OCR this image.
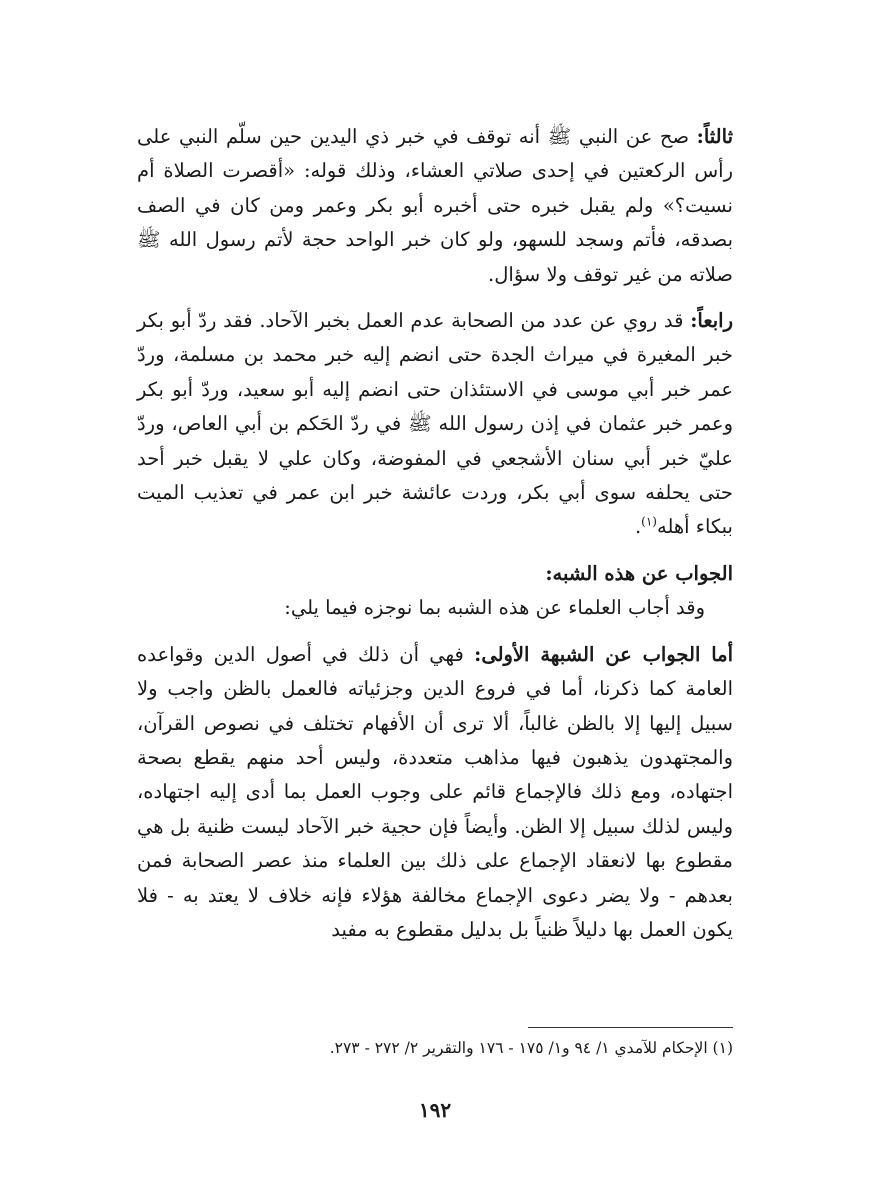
ثالثاً: صح عن النبي ﷺ أنه توقف في خبر ذي اليدين حين سلّم النبي على رأس الركعتين في إحدى صلاتي العشاء، وذلك قوله: «أقصرت الصلاة أم نسيت؟» ولم يقبل خبره حتى أخبره أبو بكر وعمر ومن كان في الصف بصدقه، فأتم وسجد للسهو، ولو كان خبر الواحد حجة لأتم رسول الله ﷺ صلاته من غير توقف ولا سؤال.

رابعاً: قد روي عن عدد من الصحابة عدم العمل بخبر الآحاد. فقد ردّ أبو بكر خبر المغيرة في ميراث الجدة حتى انضم إليه خبر محمد بن مسلمة، وردّ عمر خبر أبي موسى في الاستئذان حتى انضم إليه أبو سعيد، وردّ أبو بكر وعمر خبر عثمان في إذن رسول الله ﷺ في ردّ الحَكم بن أبي العاص، وردّ عليّ خبر أبي سنان الأشجعي في المفوضة، وكان علي لا يقبل خبر أحد حتى يحلفه سوى أبي بكر، وردت عائشة خبر ابن عمر في تعذيب الميت ببكاء أهله$^{(١)}$.

الجواب عن هذه الشبه:

وقد أجاب العلماء عن هذه الشبه بما نوجزه فيما يلي:

أما الجواب عن الشبهة الأولى: فهي أن ذلك في أصول الدين وقواعده العامة كما ذكرنا، أما في فروع الدين وجزئياته فالعمل بالظن واجب ولا سبيل إليها إلا بالظن غالباً، ألا ترى أن الأفهام تختلف في نصوص القرآن، والمجتهدون يذهبون فيها مذاهب متعددة، وليس أحد منهم يقطع بصحة اجتهاده، ومع ذلك فالإجماع قائم على وجوب العمل بما أدى إليه اجتهاده، وليس لذلك سبيل إلا الظن. وأيضاً فإن حجية خبر الآحاد ليست ظنية بل هي مقطوع بها لانعقاد الإجماع على ذلك بين العلماء منذ عصر الصحابة فمن بعدهم - ولا يضر دعوى الإجماع مخالفة هؤلاء فإنه خلاف لا يعتد به - فلا يكون العمل بها دليلاً ظنياً بل بدليل مقطوع به مفيد

(١) الإحكام للآمدي ١/ ٩٤ و١/ ١٧٥ - ١٧٦ والتقرير ٢/ ٢٧٢ - ٢٧٣.
١٩٢
